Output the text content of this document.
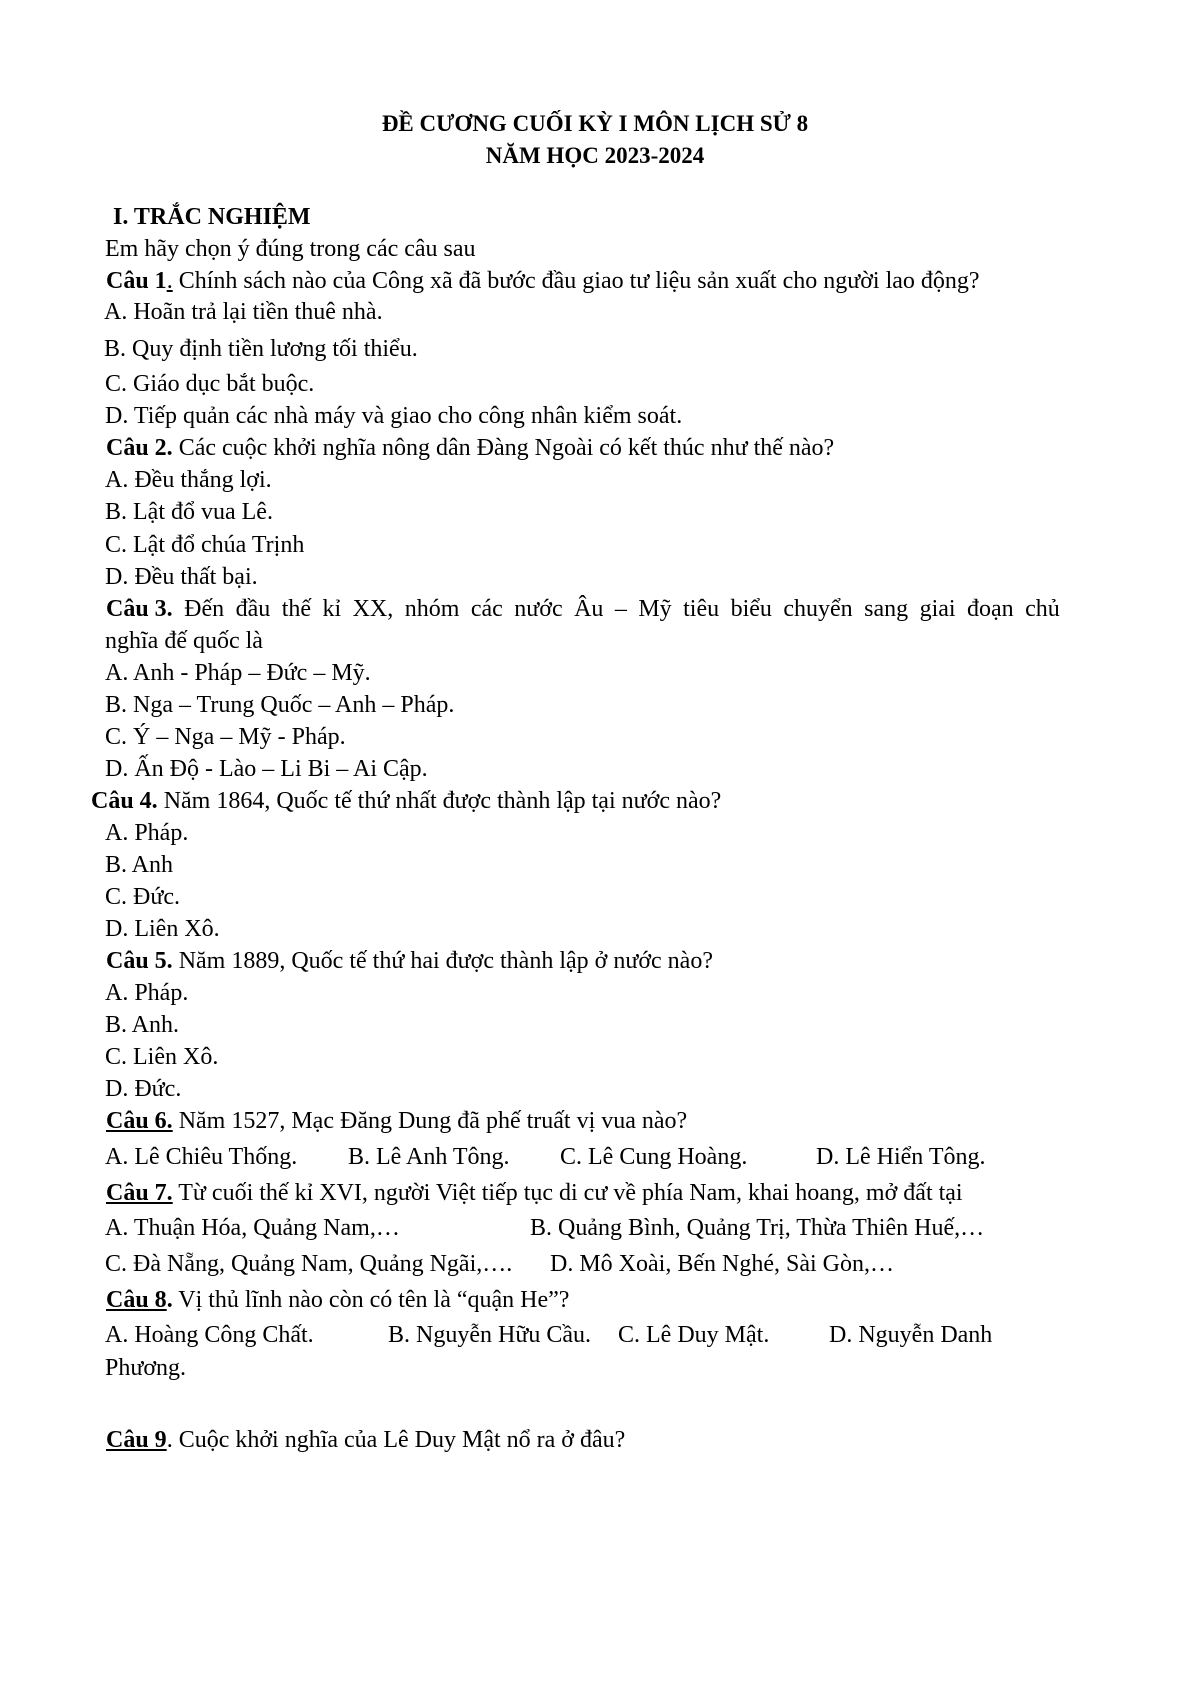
ĐỀ CƯƠNG CUỐI KỲ I MÔN LỊCH SỬ 8
NĂM HỌC 2023-2024
I. TRẮC NGHIỆM
Em hãy chọn ý đúng trong các câu sau
Câu 1. Chính sách nào của Công xã đã bước đầu giao tư liệu sản xuất cho người lao động?
A. Hoãn trả lại tiền thuê nhà.
B. Quy định tiền lương tối thiểu.
C. Giáo dục bắt buộc.
D. Tiếp quản các nhà máy và giao cho công nhân kiểm soát.
Câu 2. Các cuộc khởi nghĩa nông dân Đàng Ngoài có kết thúc như thế nào?
A. Đều thắng lợi.
B. Lật đổ vua Lê.
C. Lật đổ chúa Trịnh
D. Đều thất bại.
Câu 3. Đến đầu thế kỉ XX, nhóm các nước Âu – Mỹ tiêu biểu chuyển sang giai đoạn chủ
nghĩa đế quốc là
A. Anh - Pháp – Đức – Mỹ.
B. Nga – Trung Quốc – Anh – Pháp.
C. Ý – Nga – Mỹ - Pháp.
D. Ấn Độ - Lào – Li Bi – Ai Cập.
Câu 4. Năm 1864, Quốc tế thứ nhất được thành lập tại nước nào?
A. Pháp.
B. Anh
C. Đức.
D. Liên Xô.
Câu 5. Năm 1889, Quốc tế thứ hai được thành lập ở nước nào?
A. Pháp.
B. Anh.
C. Liên Xô.
D. Đức.
Câu 6. Năm 1527, Mạc Đăng Dung đã phế truất vị vua nào?
A. Lê Chiêu Thống. B. Lê Anh Tông. C. Lê Cung Hoàng.	D. Lê Hiển Tông.
Câu 7. Từ cuối thế kỉ XVI, người Việt tiếp tục di cư về phía Nam, khai hoang, mở đất tại
A. Thuận Hóa, Quảng Nam,…	B. Quảng Bình, Quảng Trị, Thừa Thiên Huế,…
C. Đà Nẵng, Quảng Nam, Quảng Ngãi,…. D. Mô Xoài, Bến Nghé, Sài Gòn,…
Câu 8. Vị thủ lĩnh nào còn có tên là “quận He”?
A. Hoàng Công Chất.	B. Nguyễn Hữu Cầu. C. Lê Duy Mật. D. Nguyễn Danh
Phương.
Câu 9. Cuộc khởi nghĩa của Lê Duy Mật nổ ra ở đâu?
